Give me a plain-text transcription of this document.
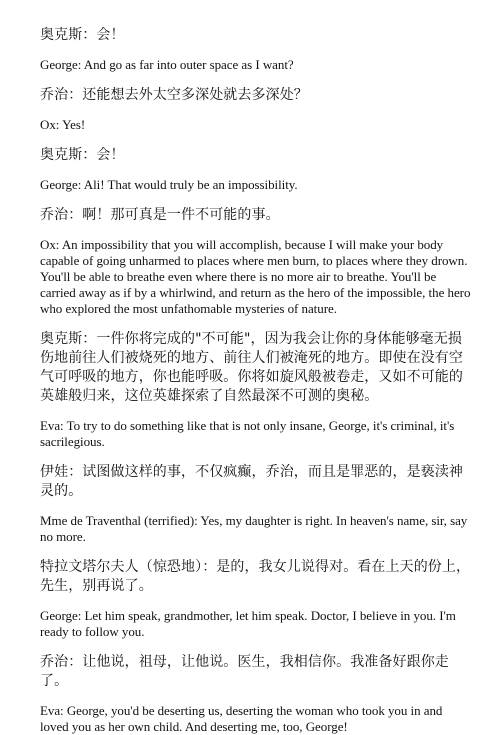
奥克斯：会！

George: And go as far into outer space as I want?

乔治：还能想去外太空多深处就去多深处？

Ox: Yes!

奥克斯：会！

George: Ali! That would truly be an impossibility.

乔治：啊！那可真是一件不可能的事。

Ox: An impossibility that you will accomplish, because I will make your body capable of going unharmed to places where men burn, to places where they drown. You'll be able to breathe even where there is no more air to breathe. You'll be carried away as if by a whirlwind, and return as the hero of the impossible, the hero who explored the most unfathomable mysteries of nature.

奥克斯：一件你将完成的"不可能"，因为我会让你的身体能够毫无损伤地前往人们被烧死的地方、前往人们被淹死的地方。即使在没有空气可呼吸的地方，你也能呼吸。你将如旋风般被卷走，又如不可能的英雄般归来，这位英雄探索了自然最深不可测的奥秘。

Eva: To try to do something like that is not only insane, George, it's criminal, it's sacrilegious.

伊娃：试图做这样的事，不仅疯癫，乔治，而且是罪恶的，是亵渎神灵的。

Mme de Traventhal (terrified): Yes, my daughter is right. In heaven's name, sir, say no more.

特拉文塔尔夫人（惊恐地）：是的，我女儿说得对。看在上天的份上，先生，别再说了。

George: Let him speak, grandmother, let him speak. Doctor, I believe in you. I'm ready to follow you.

乔治：让他说，祖母，让他说。医生，我相信你。我准备好跟你走了。

Eva: George, you'd be deserting us, deserting the woman who took you in and loved you as her own child. And deserting me, too, George!
